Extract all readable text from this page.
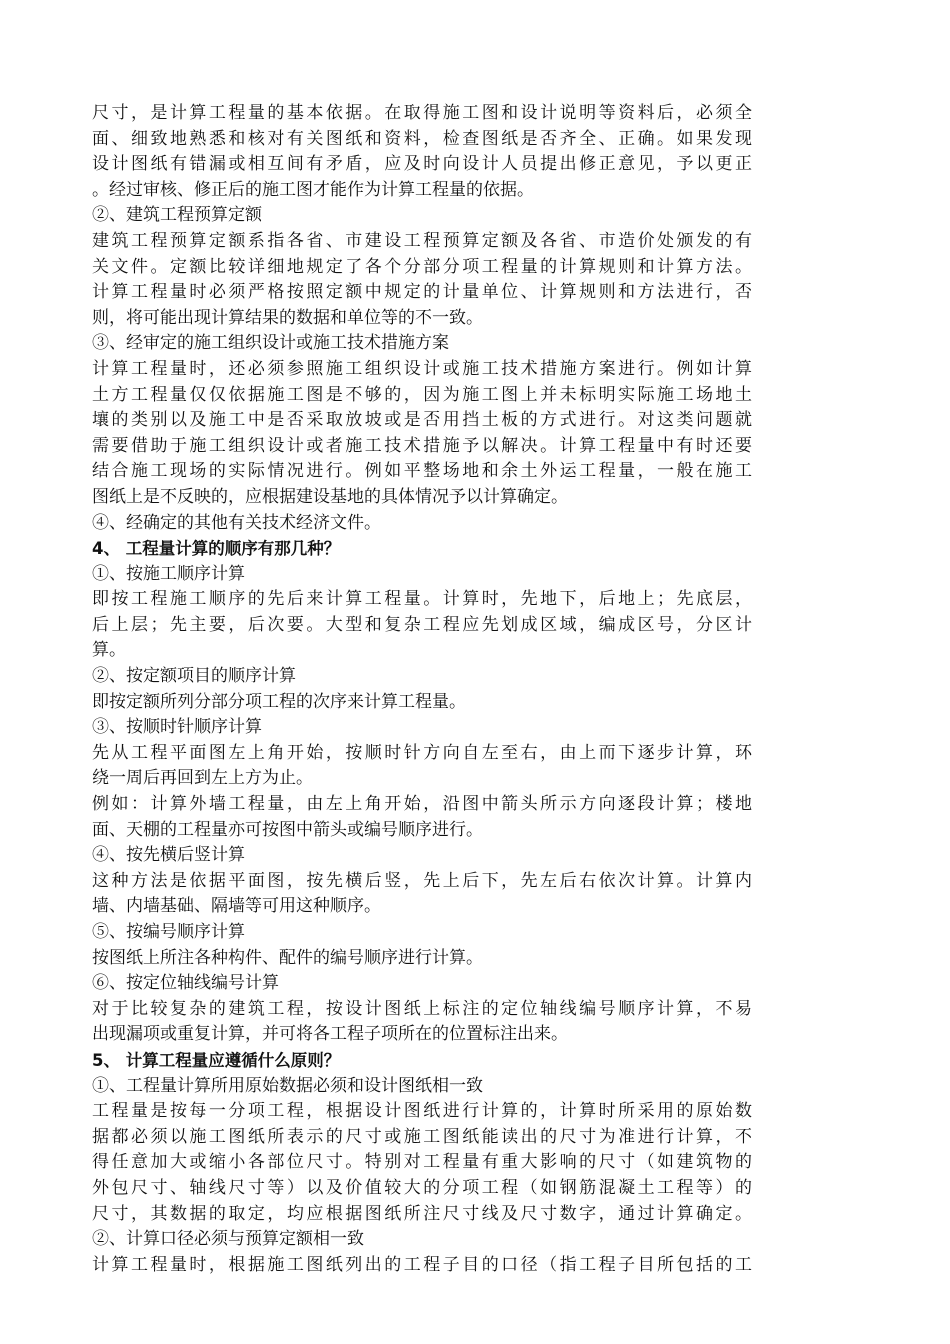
尺寸，是计算工程量的基本依据。在取得施工图和设计说明等资料后，必须全
面、细致地熟悉和核对有关图纸和资料，检查图纸是否齐全、正确。如果发现
设计图纸有错漏或相互间有矛盾，应及时向设计人员提出修正意见，予以更正
。经过审核、修正后的施工图才能作为计算工程量的依据。
②、建筑工程预算定额
建筑工程预算定额系指各省、市建设工程预算定额及各省、市造价处颁发的有
关文件。定额比较详细地规定了各个分部分项工程量的计算规则和计算方法。
计算工程量时必须严格按照定额中规定的计量单位、计算规则和方法进行，否
则，将可能出现计算结果的数据和单位等的不一致。
③、经审定的施工组织设计或施工技术措施方案
计算工程量时，还必须参照施工组织设计或施工技术措施方案进行。例如计算
土方工程量仅仅依据施工图是不够的，因为施工图上并未标明实际施工场地土
壤的类别以及施工中是否采取放坡或是否用挡土板的方式进行。对这类问题就
需要借助于施工组织设计或者施工技术措施予以解决。计算工程量中有时还要
结合施工现场的实际情况进行。例如平整场地和余土外运工程量，一般在施工
图纸上是不反映的，应根据建设基地的具体情况予以计算确定。
④、经确定的其他有关技术经济文件。
4、 工程量计算的顺序有那几种？
①、按施工顺序计算
即按工程施工顺序的先后来计算工程量。计算时，先地下，后地上；先底层，
后上层；先主要，后次要。大型和复杂工程应先划成区域，编成区号，分区计
算。
②、按定额项目的顺序计算
即按定额所列分部分项工程的次序来计算工程量。
③、按顺时针顺序计算
先从工程平面图左上角开始，按顺时针方向自左至右，由上而下逐步计算，环
绕一周后再回到左上方为止。
例如：计算外墙工程量，由左上角开始，沿图中箭头所示方向逐段计算；楼地
面、天棚的工程量亦可按图中箭头或编号顺序进行。
④、按先横后竖计算
这种方法是依据平面图，按先横后竖，先上后下，先左后右依次计算。计算内
墙、内墙基础、隔墙等可用这种顺序。
⑤、按编号顺序计算
按图纸上所注各种构件、配件的编号顺序进行计算。
⑥、按定位轴线编号计算
对于比较复杂的建筑工程，按设计图纸上标注的定位轴线编号顺序计算，不易
出现漏项或重复计算，并可将各工程子项所在的位置标注出来。
5、 计算工程量应遵循什么原则？
①、工程量计算所用原始数据必须和设计图纸相一致
工程量是按每一分项工程，根据设计图纸进行计算的，计算时所采用的原始数
据都必须以施工图纸所表示的尺寸或施工图纸能读出的尺寸为准进行计算，不
得任意加大或缩小各部位尺寸。特别对工程量有重大影响的尺寸（如建筑物的
外包尺寸、轴线尺寸等）以及价值较大的分项工程（如钢筋混凝土工程等）的
尺寸，其数据的取定，均应根据图纸所注尺寸线及尺寸数字，通过计算确定。
②、计算口径必须与预算定额相一致
计算工程量时，根据施工图纸列出的工程子目的口径（指工程子目所包括的工
